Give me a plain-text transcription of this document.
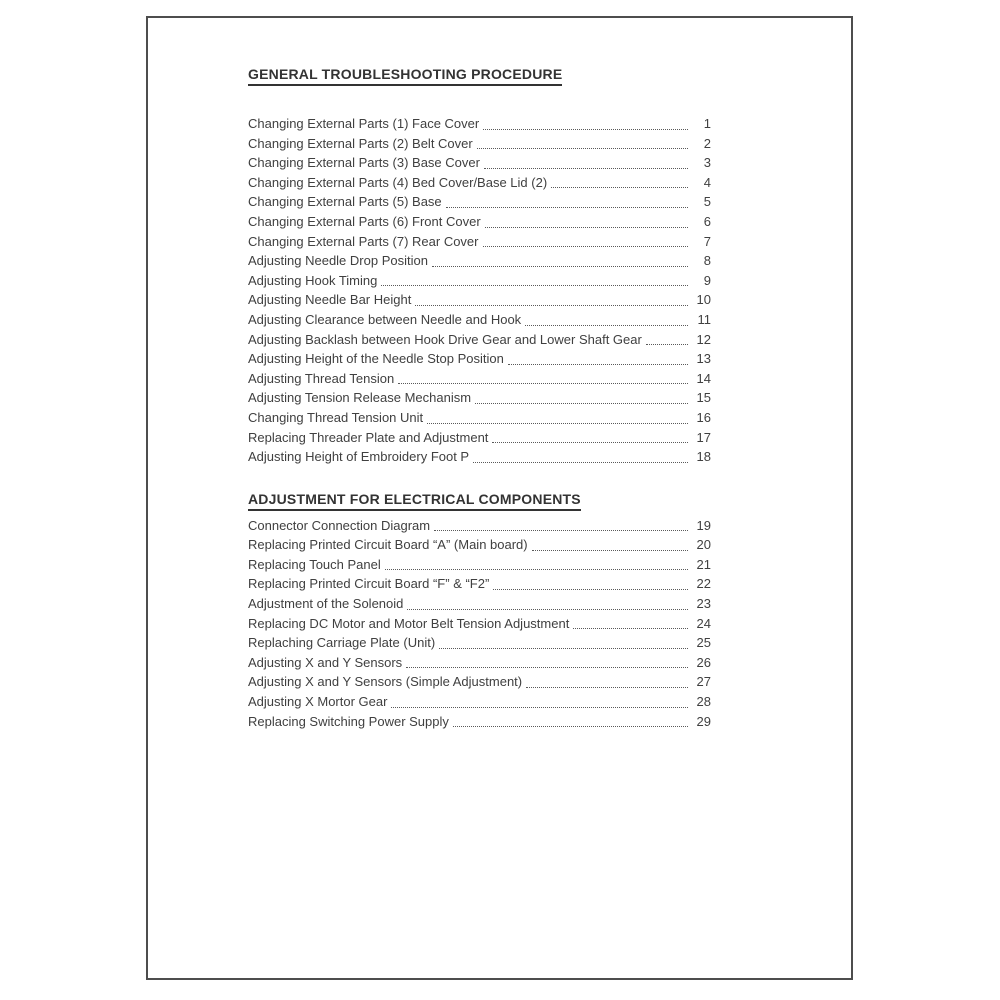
GENERAL TROUBLESHOOTING PROCEDURE
Changing External Parts (1) Face Cover	1
Changing External Parts (2) Belt Cover	2
Changing External Parts (3) Base Cover	3
Changing External Parts (4) Bed Cover/Base Lid (2)	4
Changing External Parts (5) Base	5
Changing External Parts (6) Front Cover	6
Changing External Parts (7) Rear Cover	7
Adjusting Needle Drop Position	8
Adjusting Hook Timing	9
Adjusting Needle Bar Height	10
Adjusting Clearance between Needle and Hook	11
Adjusting Backlash between Hook Drive Gear and Lower Shaft Gear	12
Adjusting Height of the Needle Stop Position	13
Adjusting Thread Tension	14
Adjusting Tension Release Mechanism	15
Changing Thread Tension Unit	16
Replacing Threader Plate and Adjustment	17
Adjusting Height of Embroidery Foot P	18
ADJUSTMENT FOR ELECTRICAL COMPONENTS
Connector Connection Diagram	19
Replacing Printed Circuit Board “A” (Main board)	20
Replacing Touch Panel	21
Replacing Printed Circuit Board “F” & “F2”	22
Adjustment of the Solenoid	23
Replacing DC Motor and Motor Belt Tension Adjustment	24
Replaching Carriage Plate (Unit)	25
Adjusting X and Y Sensors	26
Adjusting X and Y Sensors (Simple Adjustment)	27
Adjusting X Mortor Gear	28
Replacing Switching Power Supply	29
